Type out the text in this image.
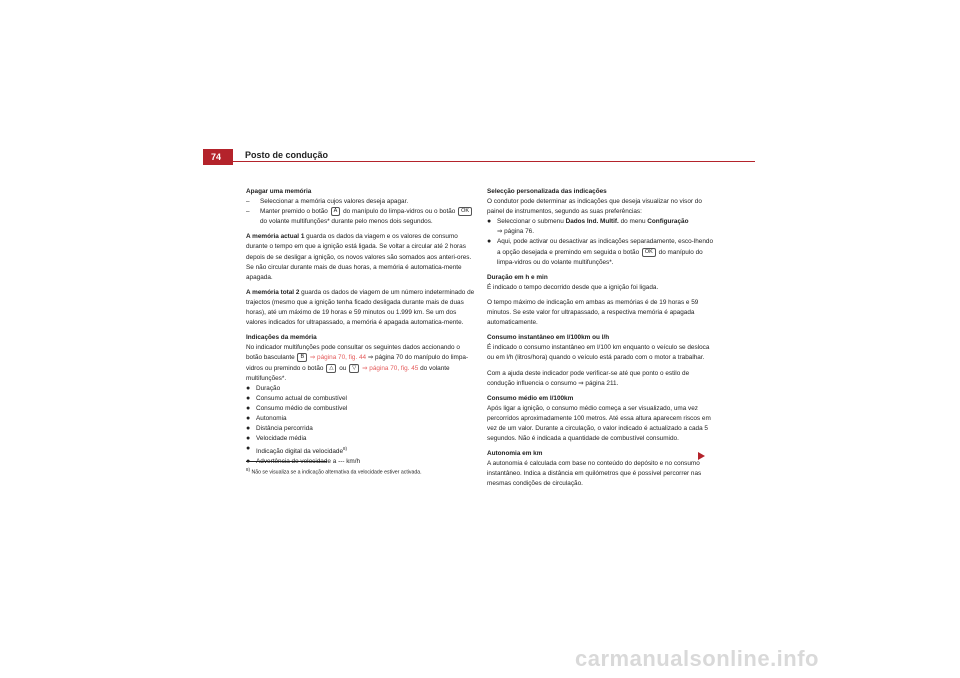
74	Posto de condução

Apagar uma memória

–	Seleccionar a memória cujos valores deseja apagar.
–	Manter premido o botão A do manípulo do limpa-vidros ou o botão OK do volante multifunções* durante pelo menos dois segundos.

A memória actual 1 guarda os dados da viagem e os valores de consumo durante o tempo em que a ignição está ligada. Se voltar a circular até 2 horas depois de se desligar a ignição, os novos valores são somados aos anteri-ores. Se não circular durante mais de duas horas, a memória é automatica-mente apagada.

A memória total 2 guarda os dados de viagem de um número indeterminado de trajectos (mesmo que a ignição tenha ficado desligada durante mais de duas horas), até um máximo de 19 horas e 59 minutos ou 1.999 km. Se um dos valores indicados for ultrapassado, a memória é apagada automatica-mente.

Indicações da memória

No indicador multifunções pode consultar os seguintes dados accionando o botão basculante B ⇒ página 70, fig. 44 ⇒ página 70 do manípulo do limpa-vidros ou premindo o botão △ ou ▽ ⇒ página 70, fig. 45 do volante multifunções*.

● Duração
● Consumo actual de combustível
● Consumo médio de combustível
● Autonomia
● Distância percorrida
● Velocidade média
● Indicação digital da velocidade$^{8)}$
● Advertência de velocidade a --- km/h

Selecção personalizada das indicações

O condutor pode determinar as indicações que deseja visualizar no visor do painel de instrumentos, segundo as suas preferências:

● Seleccionar o submenu Dados Ind. Multif. do menu Configuração
⇒ página 76.
● Aqui, pode activar ou desactivar as indicações separadamente, esco-lhendo a opção desejada e premindo em seguida o botão OK do manípulo do limpa-vidros ou do volante multifunções*.

Duração em h e min

É indicado o tempo decorrido desde que a ignição foi ligada.

O tempo máximo de indicação em ambas as memórias é de 19 horas e 59 minutos. Se este valor for ultrapassado, a respectiva memória é apagada automaticamente.

Consumo instantâneo em l/100km ou l/h

É indicado o consumo instantâneo em l/100 km enquanto o veículo se desloca ou em l/h (litros/hora) quando o veículo está parado com o motor a trabalhar.

Com a ajuda deste indicador pode verificar-se até que ponto o estilo de condução influencia o consumo ⇒ página 211.

Consumo médio em l/100km

Após ligar a ignição, o consumo médio começa a ser visualizado, uma vez percorridos aproximadamente 100 metros. Até essa altura aparecem riscos em vez de um valor. Durante a circulação, o valor indicado é actualizado a cada 5 segundos. Não é indicada a quantidade de combustível consumido.

Autonomia em km

A autonomia é calculada com base no conteúdo do depósito e no consumo instantâneo. Indica a distância em quilómetros que é possível percorrer nas mesmas condições de circulação.

$^{8)}$ Não se visualiza se a indicação alternativa da velocidade estiver activada.
carmanualsonline.info
